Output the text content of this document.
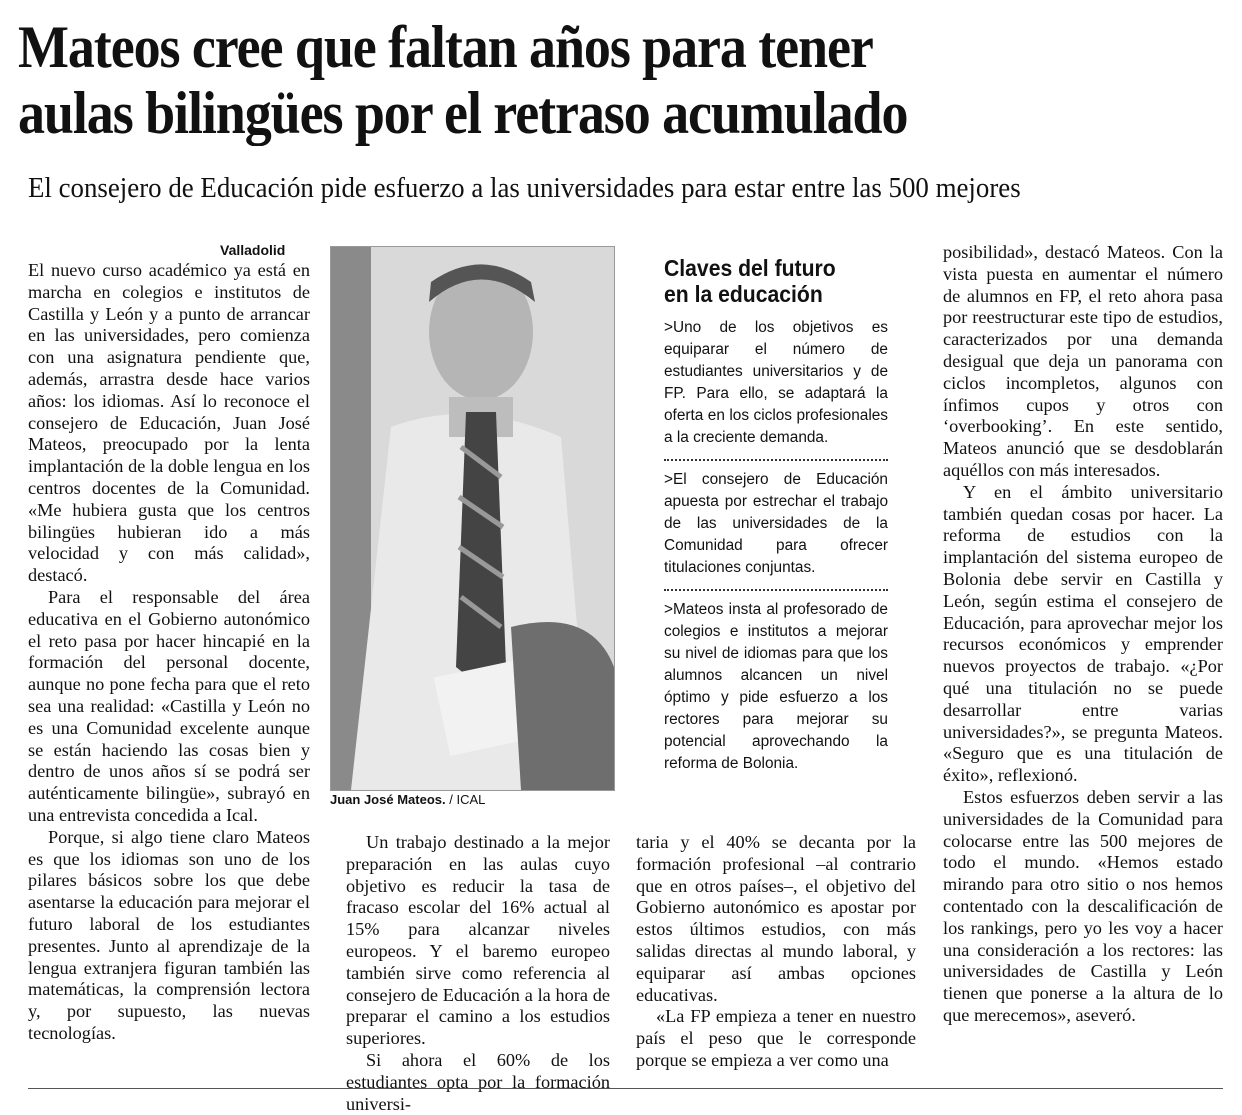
Mateos cree que faltan años para tener
aulas bilingües por el retraso acumulado
El consejero de Educación pide esfuerzo a las universidades para estar entre las 500 mejores
Valladolid

El nuevo curso académico ya está en marcha en colegios e institutos de Castilla y León y a punto de arrancar en las universidades, pero comienza con una asignatura pendiente que, además, arrastra desde hace varios años: los idiomas. Así lo reconoce el consejero de Educación, Juan José Mateos, preocupado por la lenta implantación de la doble lengua en los centros docentes de la Comunidad. «Me hubiera gusta que los centros bilingües hubieran ido a más velocidad y con más calidad», destacó.

Para el responsable del área educativa en el Gobierno autonómico el reto pasa por hacer hincapié en la formación del personal docente, aunque no pone fecha para que el reto sea una realidad: «Castilla y León no es una Comunidad excelente aunque se están haciendo las cosas bien y dentro de unos años sí se podrá ser auténticamente bilingüe», subrayó en una entrevista concedida a Ical.

Porque, si algo tiene claro Mateos es que los idiomas son uno de los pilares básicos sobre los que debe asentarse la educación para mejorar el futuro laboral de los estudiantes presentes. Junto al aprendizaje de la lengua extranjera figuran también las matemáticas, la comprensión lectora y, por supuesto, las nuevas tecnologías.

Juan José Mateos. / ICAL
Claves del futuro
en la educación

>Uno de los objetivos es equiparar el número de estudiantes universitarios y de FP. Para ello, se adaptará la oferta en los ciclos profesionales a la creciente demanda.

>El consejero de Educación apuesta por estrechar el trabajo de las universidades de la Comunidad para ofrecer titulaciones conjuntas.

>Mateos insta al profesorado de colegios e institutos a mejorar su nivel de idiomas para que los alumnos alcancen un nivel óptimo y pide esfuerzo a los rectores para mejorar su potencial aprovechando la reforma de Bolonia.

Un trabajo destinado a la mejor preparación en las aulas cuyo objetivo es reducir la tasa de fracaso escolar del 16% actual al 15% para alcanzar niveles europeos. Y el baremo europeo también sirve como referencia al consejero de Educación a la hora de preparar el camino a los estudios superiores.

Si ahora el 60% de los estudiantes opta por la formación universi-

taria y el 40% se decanta por la formación profesional –al contrario que en otros países–, el objetivo del Gobierno autonómico es apostar por estos últimos estudios, con más salidas directas al mundo laboral, y equiparar así ambas opciones educativas.

«La FP empieza a tener en nuestro país el peso que le corresponde porque se empieza a ver como una

posibilidad», destacó Mateos. Con la vista puesta en aumentar el número de alumnos en FP, el reto ahora pasa por reestructurar este tipo de estudios, caracterizados por una demanda desigual que deja un panorama con ciclos incompletos, algunos con ínfimos cupos y otros con ‘overbooking’. En este sentido, Mateos anunció que se desdoblarán aquéllos con más interesados.

Y en el ámbito universitario también quedan cosas por hacer. La reforma de estudios con la implantación del sistema europeo de Bolonia debe servir en Castilla y León, según estima el consejero de Educación, para aprovechar mejor los recursos económicos y emprender nuevos proyectos de trabajo. «¿Por qué una titulación no se puede desarrollar entre varias universidades?», se pregunta Mateos. «Seguro que es una titulación de éxito», reflexionó.

Estos esfuerzos deben servir a las universidades de la Comunidad para colocarse entre las 500 mejores de todo el mundo. «Hemos estado mirando para otro sitio o nos hemos contentado con la descalificación de los rankings, pero yo les voy a hacer una consideración a los rectores: las universidades de Castilla y León tienen que ponerse a la altura de lo que merecemos», aseveró.
